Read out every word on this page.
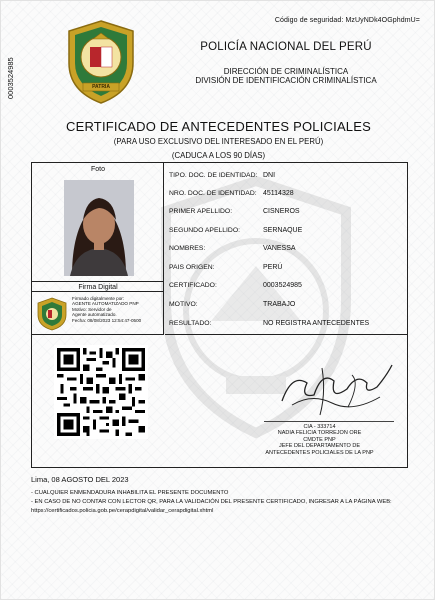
Código de seguridad: MzUyNDk4OGphdmU=
0003524985	PATRIA
POLICÍA NACIONAL DEL PERÚ
DIRECCIÓN DE CRIMINALÍSTICA
DIVISIÓN DE IDENTIFICACIÓN CRIMINALÍSTICA
CERTIFICADO DE ANTECEDENTES POLICIALES
(PARA USO EXCLUSIVO DEL INTERESADO EN EL PERÚ)
(CADUCA A LOS 90 DÍAS)
Foto
Firma Digital
Firmado digitalmente por:
AGENTE AUTOMATIZADO PNP
Motivo: Servidor de
Agente automatizado.
Fecha: 08/08/2023 12:54:47-0500
TIPO. DOC. DE IDENTIDAD: DNI
NRO. DOC. DE IDENTIDAD: 45114328
PRIMER APELLIDO:	CISNEROS
SEGUNDO APELLIDO:	SERNAQUE
NOMBRES:	VANESSA
PAIS ORIGEN:	PERÚ
CERTIFICADO:	0003524985
MOTIVO:	TRABAJO
RESULTADO:	NO REGISTRA ANTECEDENTES
CIA - 333714
NADIA FELICIA TORREJON ORE
CMDTE PNP
JEFE DEL DEPARTAMENTO DE
ANTECEDENTES POLICIALES DE LA PNP
Lima, 08 AGOSTO DEL 2023
- CUALQUIER ENMENDADURA INHABILITA EL PRESENTE DOCUMENTO
- EN CASO DE NO CONTAR CON LECTOR QR, PARA LA VALIDACIÓN DEL PRESENTE CERTIFICADO, INGRESAR A LA PÁGINA WEB:
https://certificados.policia.gob.pe/cerapdigital/validar_cerapdigital.xhtml
